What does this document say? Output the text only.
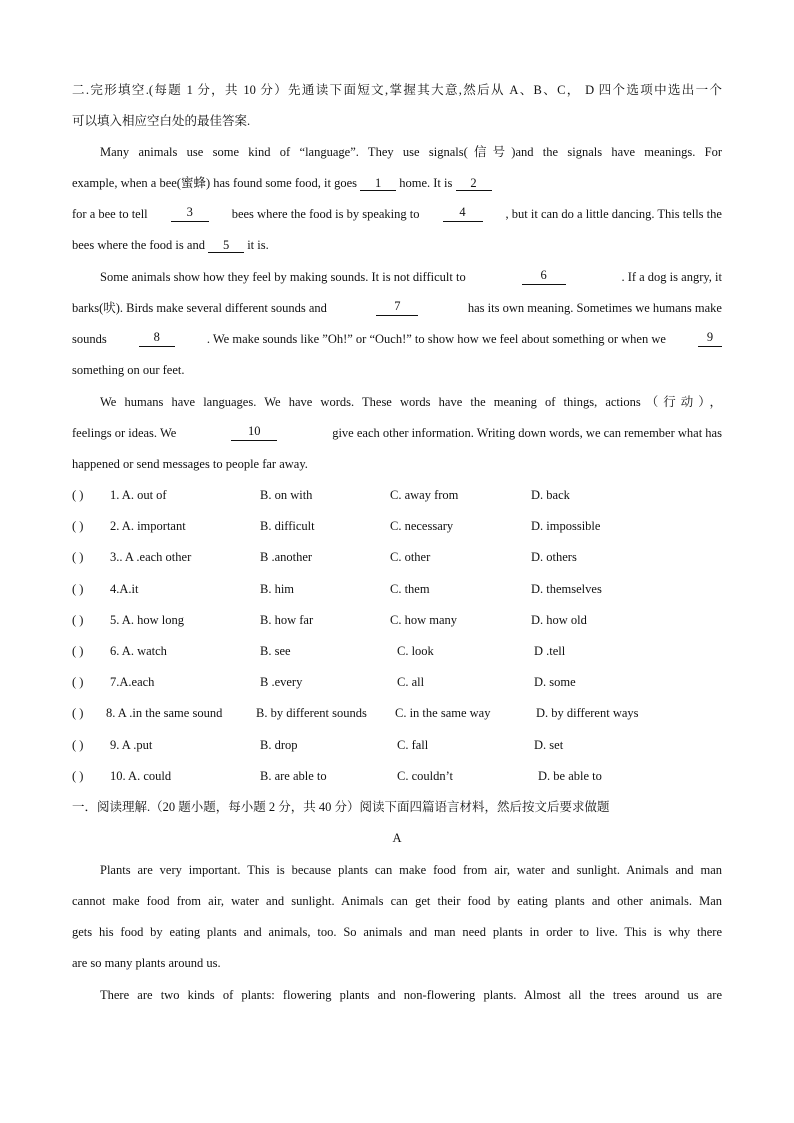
二.完形填空.(每题 1 分，共 10 分）先通读下面短文,掌握其大意,然后从 A、B、C， D 四个选项中选出一个
可以填入相应空白处的最佳答案.
Many animals use some kind of “language”. They use signals(信号)and the signals have meanings. For
example, when a bee(蜜蜂) has found some food, it goes 1 home. It is 2
for a bee to tell	3	bees where the food is by speaking to	4	, but it can do a little dancing. This tells the
bees where the food is and 5 it is.
Some animals show how they feel by making sounds. It is not difficult to	6	. If a dog is angry, it
barks(吠). Birds make several different sounds and	7	has its own meaning. Sometimes we humans make
sounds	8	. We make sounds like ”Oh!” or “Ouch!” to show how we feel about something or when we	9
something on our feet.
We humans have languages. We have words. These words have the meaning of things, actions（行动），
feelings or ideas. We	10	give each other information. Writing down words, we can remember what has
happened or send messages to people far away.
( ) 1. A. out of	B. on with	C. away from	D. back
( ) 2. A. important	B. difficult	C. necessary	D. impossible
( ) 3.. A .each other	B .another	C. other	D. others
( ) 4.A.it	B. him	C. them	D. themselves
( ) 5. A. how long	B. how far	C. how many	D. how old
( ) 6. A. watch	B. see	C. look	D .tell
( ) 7.A.each	B .every	C. all	D. some
( ) 8. A .in the same sound	B. by different sounds C. in the same way	D. by different ways
( ) 9. A .put	B. drop	C. fall	D. set
( ) 10. A. could	B. are able to	C. couldn’t	D. be able to
一．阅读理解.（20 题小题，每小题 2 分，共 40 分）阅读下面四篇语言材料，然后按文后要求做题
A
Plants are very important. This is because plants can make food from air, water and sunlight. Animals and man
cannot make food from air, water and sunlight. Animals can get their food by eating plants and other animals. Man
gets his food by eating plants and animals, too. So animals and man need plants in order to live. This is why there
are so many plants around us.
There are two kinds of plants: flowering plants and non-flowering plants. Almost all the trees around us are
